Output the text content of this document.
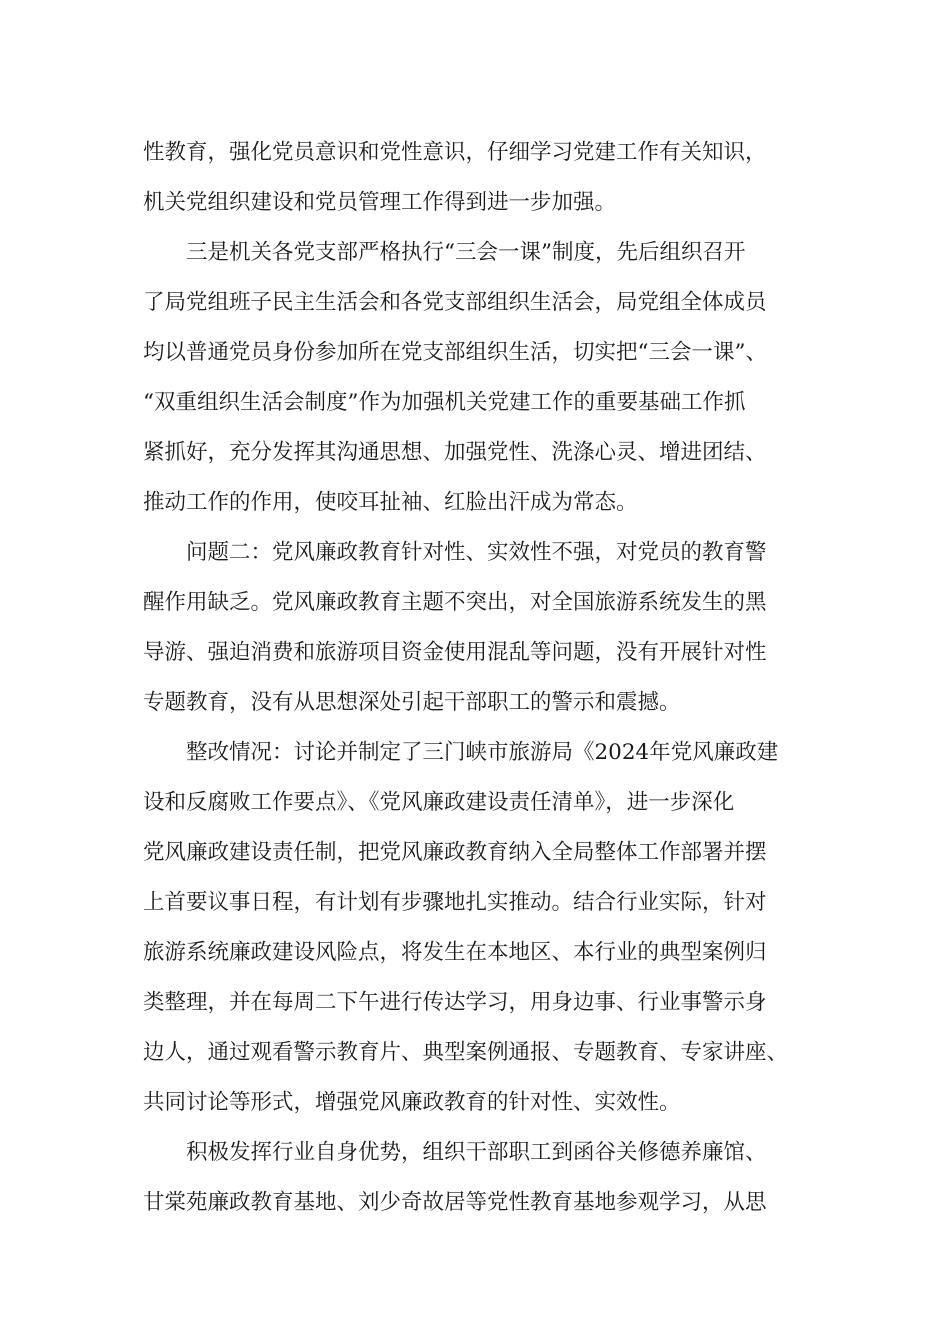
性教育，强化党员意识和党性意识，仔细学习党建工作有关知识，
机关党组织建设和党员管理工作得到进一步加强。
三是机关各党支部严格执行“三会一课”制度，先后组织召开
了局党组班子民主生活会和各党支部组织生活会，局党组全体成员
均以普通党员身份参加所在党支部组织生活，切实把“三会一课”、
“双重组织生活会制度”作为加强机关党建工作的重要基础工作抓
紧抓好，充分发挥其沟通思想、加强党性、洗涤心灵、增进团结、
推动工作的作用，使咬耳扯袖、红脸出汗成为常态。
问题二：党风廉政教育针对性、实效性不强，对党员的教育警
醒作用缺乏。党风廉政教育主题不突出，对全国旅游系统发生的黑
导游、强迫消费和旅游项目资金使用混乱等问题，没有开展针对性
专题教育，没有从思想深处引起干部职工的警示和震撼。
整改情况：讨论并制定了三门峡市旅游局《2024年党风廉政建
设和反腐败工作要点》、《党风廉政建设责任清单》，进一步深化
党风廉政建设责任制，把党风廉政教育纳入全局整体工作部署并摆
上首要议事日程，有计划有步骤地扎实推动。结合行业实际，针对
旅游系统廉政建设风险点，将发生在本地区、本行业的典型案例归
类整理，并在每周二下午进行传达学习，用身边事、行业事警示身
边人，通过观看警示教育片、典型案例通报、专题教育、专家讲座、
共同讨论等形式，增强党风廉政教育的针对性、实效性。
积极发挥行业自身优势，组织干部职工到函谷关修德养廉馆、
甘棠苑廉政教育基地、刘少奇故居等党性教育基地参观学习，从思
